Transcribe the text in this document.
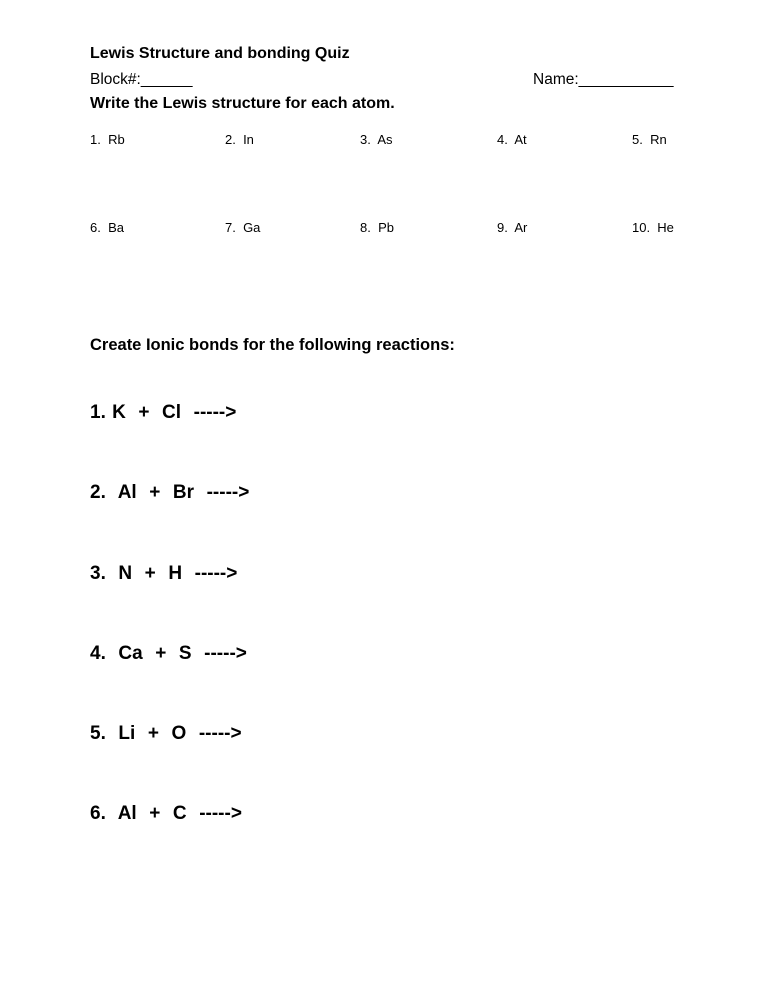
Lewis Structure and bonding Quiz
Block#:______	Name:___________
Write the Lewis structure for each atom.
1.  Rb	2.  In	3.  As	4.  At	5.  Rn
6.  Ba	7.  Ga	8.  Pb	9.  Ar	10.  He
Create Ionic bonds for the following reactions:
1. K  +  Cl  ----->
2.  Al  +  Br  ----->
3.  N  +  H  ----->
4.  Ca  +  S  ----->
5.  Li  +  O  ----->
6.  Al  +  C  ----->
